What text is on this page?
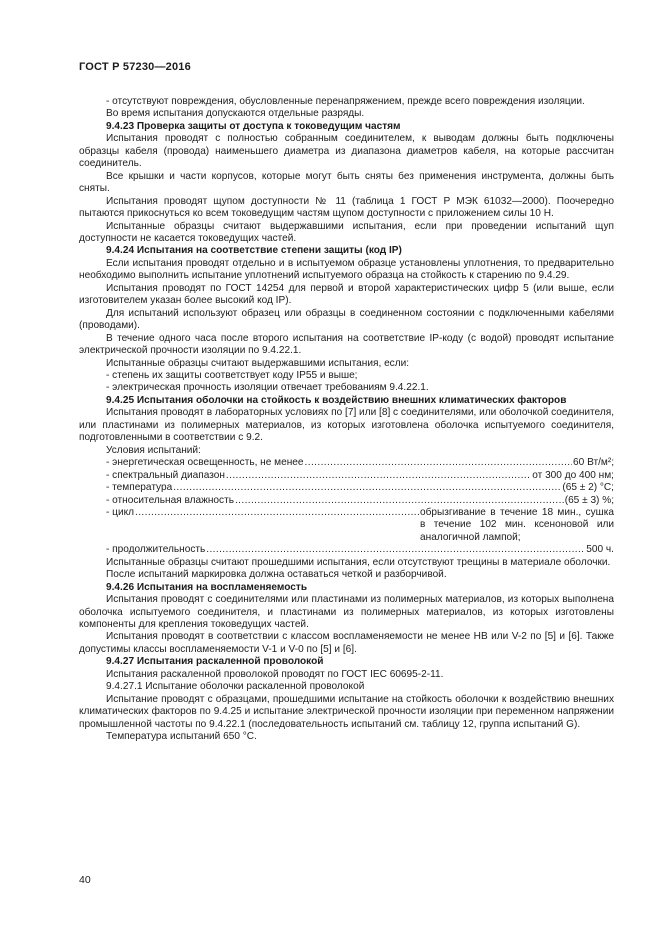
ГОСТ Р 57230—2016

- отсутствуют повреждения, обусловленные перенапряжением, прежде всего повреждения изоляции.

Во время испытания допускаются отдельные разряды.

9.4.23 Проверка защиты от доступа к токоведущим частям

Испытания проводят с полностью собранным соединителем, к выводам должны быть подключены образцы кабеля (провода) наименьшего диаметра из диапазона диаметров кабеля, на которые рассчитан соединитель.

Все крышки и части корпусов, которые могут быть сняты без применения инструмента, должны быть сняты.

Испытания проводят щупом доступности № 11 (таблица 1 ГОСТ Р МЭК 61032—2000). Поочередно пытаются прикоснуться ко всем токоведущим частям щупом доступности с приложением силы 10 Н.

Испытанные образцы считают выдержавшими испытания, если при проведении испытаний щуп доступности не касается токоведущих частей.

9.4.24 Испытания на соответствие степени защиты (код IP)

Если испытания проводят отдельно и в испытуемом образце установлены уплотнения, то предварительно необходимо выполнить испытание уплотнений испытуемого образца на стойкость к старению по 9.4.29.

Испытания проводят по ГОСТ 14254 для первой и второй характеристических цифр 5 (или выше, если изготовителем указан более высокий код IP).

Для испытаний используют образец или образцы в соединенном состоянии с подключенными кабелями (проводами).

В течение одного часа после второго испытания на соответствие IP-коду (с водой) проводят испытание электрической прочности изоляции по 9.4.22.1.

Испытанные образцы считают выдержавшими испытания, если:

- степень их защиты соответствует коду IP55 и выше;

- электрическая прочность изоляции отвечает требованиям 9.4.22.1.

9.4.25 Испытания оболочки на стойкость к воздействию внешних климатических факторов

Испытания проводят в лабораторных условиях по [7] или [8] с соединителями, или оболочкой соединителя, или пластинами из полимерных материалов, из которых изготовлена оболочка испытуемого соединителя, подготовленными в соответствии с 9.2.

Условия испытаний:

- энергетическая освещенность, не менее .....	60 Вт/м²;
- спектральный диапазон .....	от 300 до 400 нм;
- температура .....	(65 ± 2) °С;
- относительная влажность .....	(65 ± 3) %;
- цикл .....	обрызгивание в течение 18 мин., сушка в течение 102 мин. ксеноновой или аналогичной лампой;
- продолжительность .....	500 ч.

Испытанные образцы считают прошедшими испытания, если отсутствуют трещины в материале оболочки.

После испытаний маркировка должна оставаться четкой и разборчивой.

9.4.26 Испытания на воспламеняемость

Испытания проводят с соединителями или пластинами из полимерных материалов, из которых выполнена оболочка испытуемого соединителя, и пластинами из полимерных материалов, из которых изготовлены компоненты для крепления токоведущих частей.

Испытания проводят в соответствии с классом воспламеняемости не менее НВ или V-2 по [5] и [6]. Также допустимы классы воспламеняемости V-1 и V-0 по [5] и [6].

9.4.27 Испытания раскаленной проволокой

Испытания раскаленной проволокой проводят по ГОСТ IEC 60695-2-11.

9.4.27.1 Испытание оболочки раскаленной проволокой

Испытание проводят с образцами, прошедшими испытание на стойкость оболочки к воздействию внешних климатических факторов по 9.4.25 и испытание электрической прочности изоляции при переменном напряжении промышленной частоты по 9.4.22.1 (последовательность испытаний см. таблицу 12, группа испытаний G).

Температура испытаний 650 °С.

40
